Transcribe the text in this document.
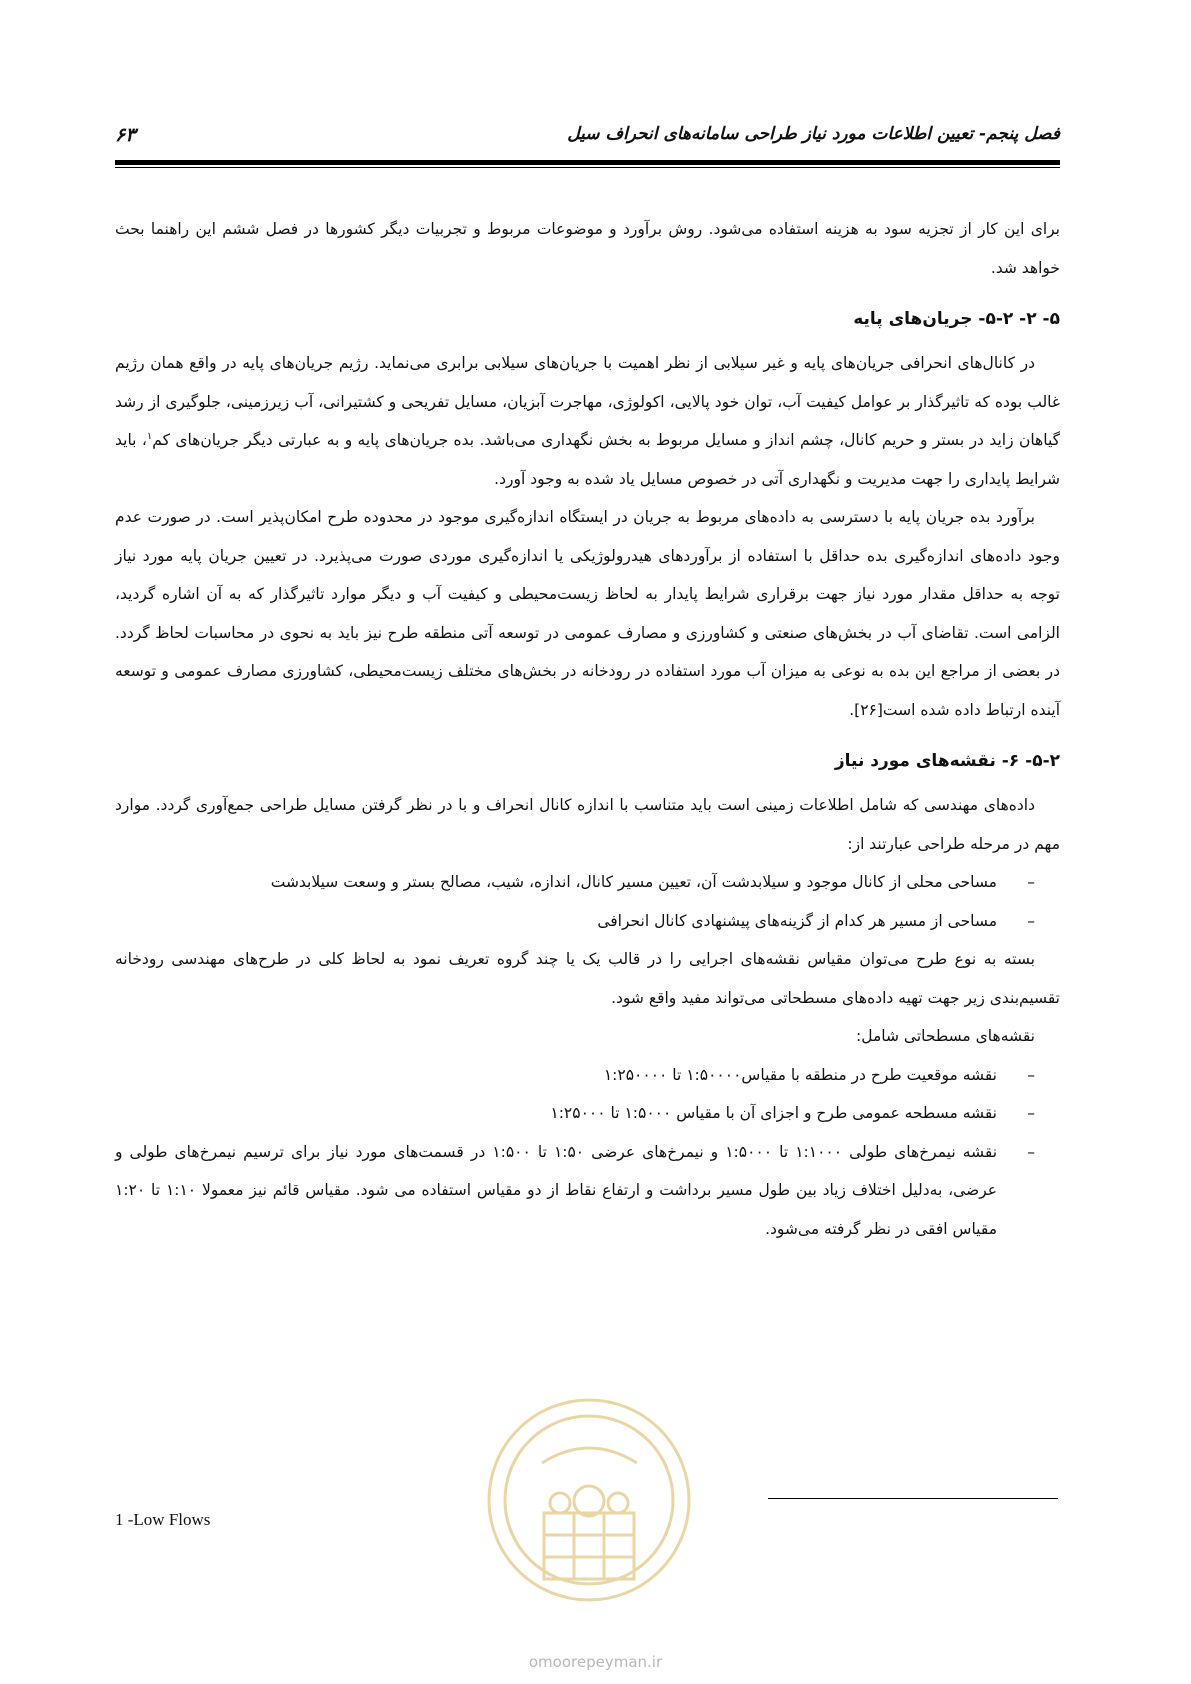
فصل پنجم- تعیین اطلاعات مورد نیاز طراحی سامانه‌های انحراف سیل
۶۳

برای این کار از تجزیه سود به هزینه استفاده می‌شود. روش برآورد و موضوعات مربوط و تجربیات دیگر کشورها در فصل ششم این راهنما بحث خواهد شد.

۵- ۲- ۵-۲- جریان‌های پایه

در کانال‌های انحرافی جریان‌های پایه و غیر سیلابی از نظر اهمیت با جریان‌های سیلابی برابری می‌نماید. رژیم جریان‌های پایه در واقع همان رژیم غالب بوده که تاثیرگذار بر عوامل کیفیت آب، توان خود پالایی، اکولوژی، مهاجرت آبزیان، مسایل تفریحی و کشتیرانی، آب زیرزمینی، جلوگیری از رشد گیاهان زاید در بستر و حریم کانال، چشم انداز و مسایل مربوط به بخش نگهداری می‌باشد. بده جریان‌های پایه و به عبارتی دیگر جریان‌های کم$^۱$، باید شرایط پایداری را جهت مدیریت و نگهداری آتی در خصوص مسایل یاد شده به وجود آورد.

برآورد بده جریان پایه با دسترسی به داده‌های مربوط به جریان در ایستگاه اندازه‌گیری موجود در محدوده طرح امکان‌پذیر است. در صورت عدم وجود داده‌های اندازه‌گیری بده حداقل با استفاده از برآوردهای هیدرولوژیکی یا اندازه‌گیری موردی صورت می‌پذیرد. در تعیین جریان پایه مورد نیاز توجه به حداقل مقدار مورد نیاز جهت برقراری شرایط پایدار به لحاظ زیست‌محیطی و کیفیت آب و دیگر موارد تاثیرگذار که به آن اشاره گردید، الزامی است. تقاضای آب در بخش‌های صنعتی و کشاورزی و مصارف عمومی در توسعه آتی منطقه طرح نیز باید به نحوی در محاسبات لحاظ گردد. در بعضی از مراجع این بده به نوعی به میزان آب مورد استفاده در رودخانه در بخش‌های مختلف زیست‌محیطی، کشاورزی مصارف عمومی و توسعه آینده ارتباط داده شده است[۲۶].

۵-۲- ۶- نقشه‌های مورد نیاز

داده‌های مهندسی که شامل اطلاعات زمینی است باید متناسب با اندازه کانال انحراف و با در نظر گرفتن مسایل طراحی جمع‌آوری گردد. موارد مهم در مرحله طراحی عبارتند از:

–
مساحی محلی از کانال موجود و سیلابدشت آن، تعیین مسیر کانال، اندازه، شیب، مصالح بستر و وسعت سیلابدشت
–
مساحی از مسیر هر کدام از گزینه‌های پیشنهادی کانال انحرافی

بسته به نوع طرح می‌توان مقیاس نقشه‌های اجرایی را در قالب یک یا چند گروه تعریف نمود به لحاظ کلی در طرح‌های مهندسی رودخانه تقسیم‌بندی زیر جهت تهیه داده‌های مسطحاتی می‌تواند مفید واقع شود.

نقشه‌های مسطحاتی شامل:

–
نقشه موقعیت طرح در منطقه با مقیاس۱:۵۰۰۰۰ تا ۱:۲۵۰۰۰۰
–
نقشه مسطحه عمومی طرح و اجزای آن با مقیاس ۱:۵۰۰۰ تا ۱:۲۵۰۰۰
–
نقشه نیمرخ‌های طولی ۱:۱۰۰۰ تا ۱:۵۰۰۰ و نیمرخ‌های عرضی ۱:۵۰ تا ۱:۵۰۰ در قسمت‌های مورد نیاز برای ترسیم نیمرخ‌های طولی و عرضی، به‌دلیل اختلاف زیاد بین طول مسیر برداشت و ارتفاع نقاط از دو مقیاس استفاده می شود. مقیاس قائم نیز معمولا ۱:۱۰ تا ۱:۲۰ مقیاس افقی در نظر گرفته می‌شود.
1 -Low Flows
omoorepeyman.ir
